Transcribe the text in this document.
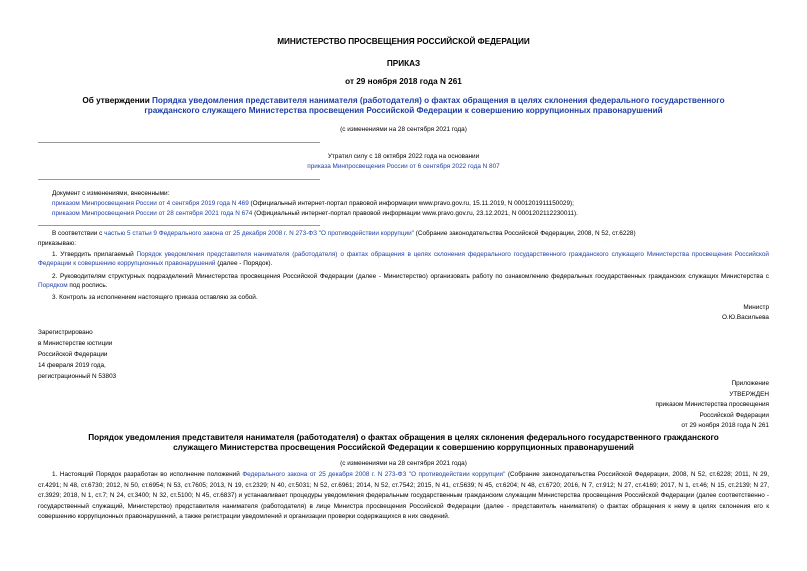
МИНИСТЕРСТВО ПРОСВЕЩЕНИЯ РОССИЙСКОЙ ФЕДЕРАЦИИ
ПРИКАЗ
от 29 ноября 2018 года N 261
Об утверждении Порядка уведомления представителя нанимателя (работодателя) о фактах обращения в целях склонения федерального государственного гражданского служащего Министерства просвещения Российской Федерации к совершению коррупционных правонарушений
(с изменениями на 28 сентября 2021 года)
Утратил силу с 18 октября 2022 года на основании
приказа Минпросвещения России от 6 сентября 2022 года N 807
Документ с изменениями, внесенными:
приказом Минпросвещения России от 4 сентября 2019 года N 469 (Официальный интернет-портал правовой информации www.pravo.gov.ru, 15.11.2019, N 0001201911150029);
приказом Минпросвещения России от 28 сентября 2021 года N 674 (Официальный интернет-портал правовой информации www.pravo.gov.ru, 23.12.2021, N 0001202112230011).
В соответствии с частью 5 статьи 9 Федерального закона от 25 декабря 2008 г. N 273-ФЗ "О противодействии коррупции" (Собрание законодательства Российской Федерации, 2008, N 52, ст.6228)
приказываю:
1. Утвердить прилагаемый Порядок уведомления представителя нанимателя (работодателя) о фактах обращения в целях склонения федерального государственного гражданского служащего Министерства просвещения Российской Федерации к совершению коррупционных правонарушений (далее - Порядок).
2. Руководителям структурных подразделений Министерства просвещения Российской Федерации (далее - Министерство) организовать работу по ознакомлению федеральных государственных гражданских служащих Министерства с Порядком под роспись.
3. Контроль за исполнением настоящего приказа оставляю за собой.
Министр
О.Ю.Васильева
Зарегистрировано
в Министерстве юстиции
Российской Федерации
14 февраля 2019 года,
регистрационный N 53803
Приложение
УТВЕРЖДЕН
приказом Министерства просвещения
Российской Федерации
от 29 ноября 2018 года N 261
Порядок уведомления представителя нанимателя (работодателя) о фактах обращения в целях склонения федерального государственного гражданского служащего Министерства просвещения Российской Федерации к совершению коррупционных правонарушений
(с изменениями на 28 сентября 2021 года)
1. Настоящий Порядок разработан во исполнение положений Федерального закона от 25 декабря 2008 г. N 273-ФЗ "О противодействии коррупции" (Собрание законодательства Российской Федерации, 2008, N 52, ст.6228; 2011, N 29, ст.4291; N 48, ст.6730; 2012, N 50, ст.6954; N 53, ст.7605; 2013, N 19, ст.2329; N 40, ст.5031; N 52, ст.6961; 2014, N 52, ст.7542; 2015, N 41, ст.5639; N 45, ст.6204; N 48, ст.6720; 2016, N 7, ст.912; N 27, ст.4169; 2017, N 1, ст.46; N 15, ст.2139; N 27, ст.3929; 2018, N 1, ст.7; N 24, ст.3400; N 32, ст.5100; N 45, ст.6837) и устанавливает процедуры уведомления федеральным государственным гражданским служащим Министерства просвещения Российской Федерации (далее соответственно - государственный служащий, Министерство) представителя нанимателя (работодателя) в лице Министра просвещения Российской Федерации (далее - представитель нанимателя) о фактах обращения к нему в целях склонения его к совершению коррупционных правонарушений, а также регистрации уведомлений и организации проверки содержащихся в них сведений.
